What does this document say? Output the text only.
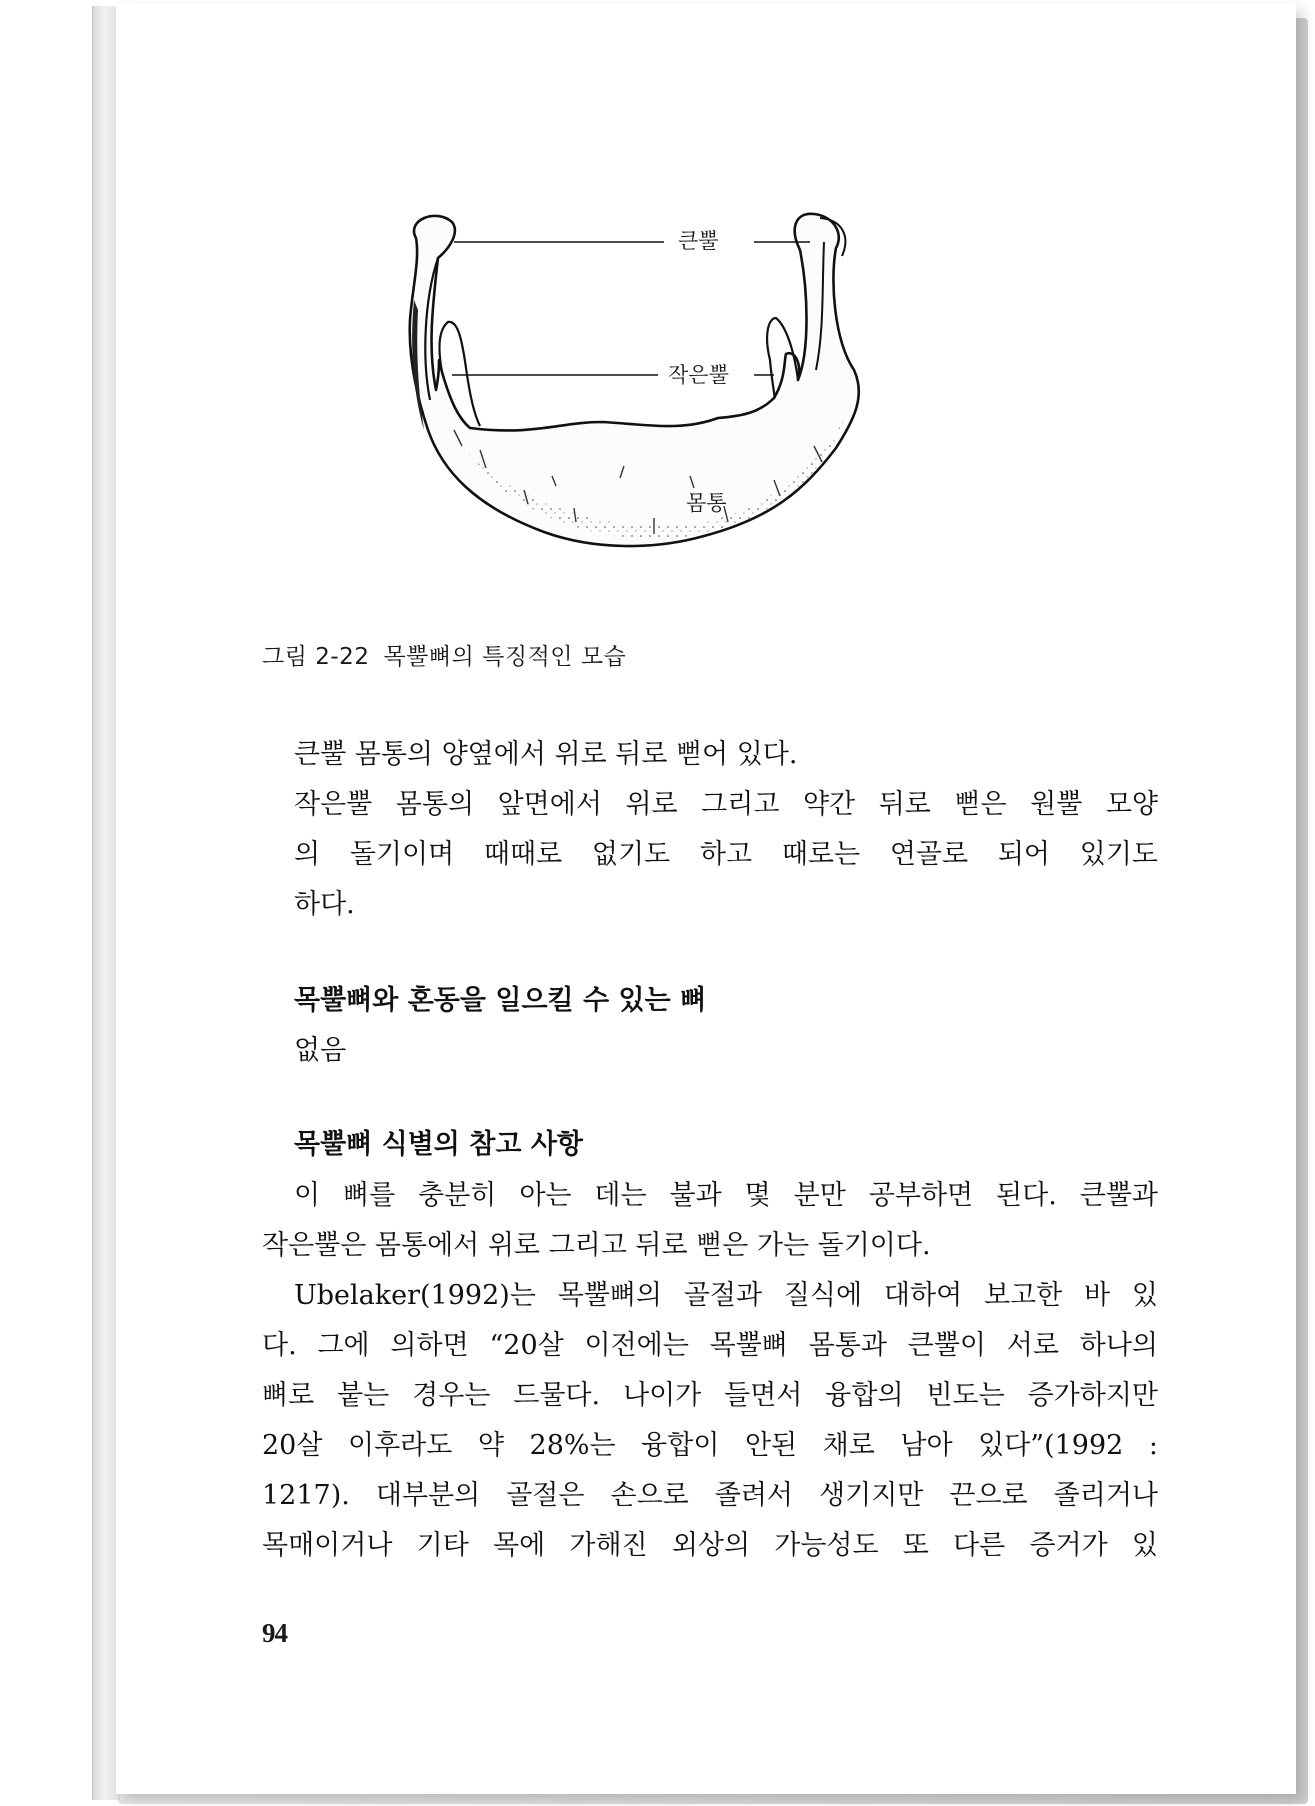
큰뿔
작은뿔
몸통
그림 2-22 목뿔뼈의 특징적인 모습
큰뿔 몸통의 양옆에서 위로 뒤로 뻗어 있다.
작은뿔 몸통의 앞면에서 위로 그리고 약간 뒤로 뻗은 원뿔 모양
의 돌기이며 때때로 없기도 하고 때로는 연골로 되어 있기도
하다.
목뿔뼈와 혼동을 일으킬 수 있는 뼈
없음
목뿔뼈 식별의 참고 사항
이 뼈를 충분히 아는 데는 불과 몇 분만 공부하면 된다. 큰뿔과
작은뿔은 몸통에서 위로 그리고 뒤로 뻗은 가는 돌기이다.
Ubelaker(1992)는 목뿔뼈의 골절과 질식에 대하여 보고한 바 있
다. 그에 의하면 “20살 이전에는 목뿔뼈 몸통과 큰뿔이 서로 하나의
뼈로 붙는 경우는 드물다. 나이가 들면서 융합의 빈도는 증가하지만
20살 이후라도 약 28%는 융합이 안된 채로 남아 있다”(1992 :
1217). 대부분의 골절은 손으로 졸려서 생기지만 끈으로 졸리거나
목매이거나 기타 목에 가해진 외상의 가능성도 또 다른 증거가 있
94
